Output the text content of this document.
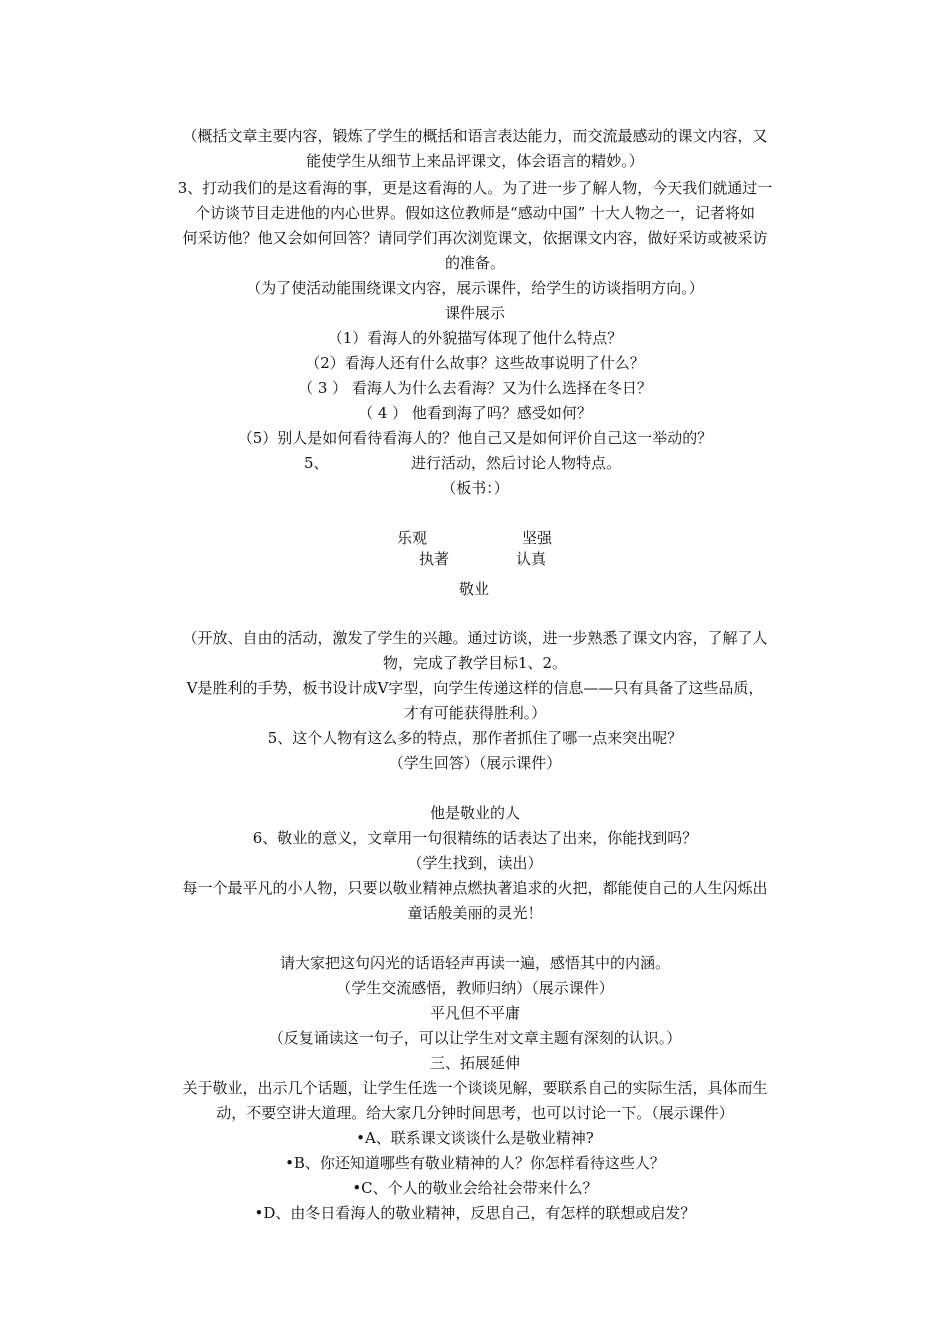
（概括文章主要内容，锻炼了学生的概括和语言表达能力，而交流最感动的课文内容，又
能使学生从细节上来品评课文，体会语言的精妙。）
3、打动我们的是这看海的事，更是这看海的人。为了进一步了解人物，今天我们就通过一
个访谈节目走进他的内心世界。假如这位教师是“感动中国” 十大人物之一，记者将如
何采访他？他又会如何回答？请同学们再次浏览课文，依据课文内容，做好采访或被采访
的准备。
（为了使活动能围绕课文内容，展示课件，给学生的访谈指明方向。）
课件展示
（1）看海人的外貌描写体现了他什么特点？
（2）看海人还有什么故事？这些故事说明了什么？
（ 3 ） 看海人为什么去看海？又为什么选择在冬日？
（ 4 ） 他看到海了吗？感受如何？
（5）别人是如何看待看海人的？他自己又是如何评价自己这一举动的？
5、	进行活动，然后讨论人物特点。
（板书：）
乐观	坚强
执著	认真
敬业
（开放、自由的活动，激发了学生的兴趣。通过访谈，进一步熟悉了课文内容，了解了人
物，完成了教学目标1、2。
V是胜利的手势，板书设计成V字型，向学生传递这样的信息——只有具备了这些品质，
才有可能获得胜利。）
5、这个人物有这么多的特点，那作者抓住了哪一点来突出呢？
（学生回答）（展示课件）
他是敬业的人
6、敬业的意义，文章用一句很精练的话表达了出来，你能找到吗？
（学生找到，读出）
每一个最平凡的小人物，只要以敬业精神点燃执著追求的火把，都能使自己的人生闪烁出
童话般美丽的灵光！
请大家把这句闪光的话语轻声再读一遍，感悟其中的内涵。
（学生交流感悟，教师归纳）（展示课件）
平凡但不平庸
（反复诵读这一句子，可以让学生对文章主题有深刻的认识。）
三、拓展延伸
关于敬业，出示几个话题，让学生任选一个谈谈见解，要联系自己的实际生活，具体而生
动，不要空讲大道理。给大家几分钟时间思考，也可以讨论一下。（展示课件）
•A、联系课文谈谈什么是敬业精神?
•B、你还知道哪些有敬业精神的人？你怎样看待这些人？
•C、个人的敬业会给社会带来什么？
•D、由冬日看海人的敬业精神，反思自己，有怎样的联想或启发？
